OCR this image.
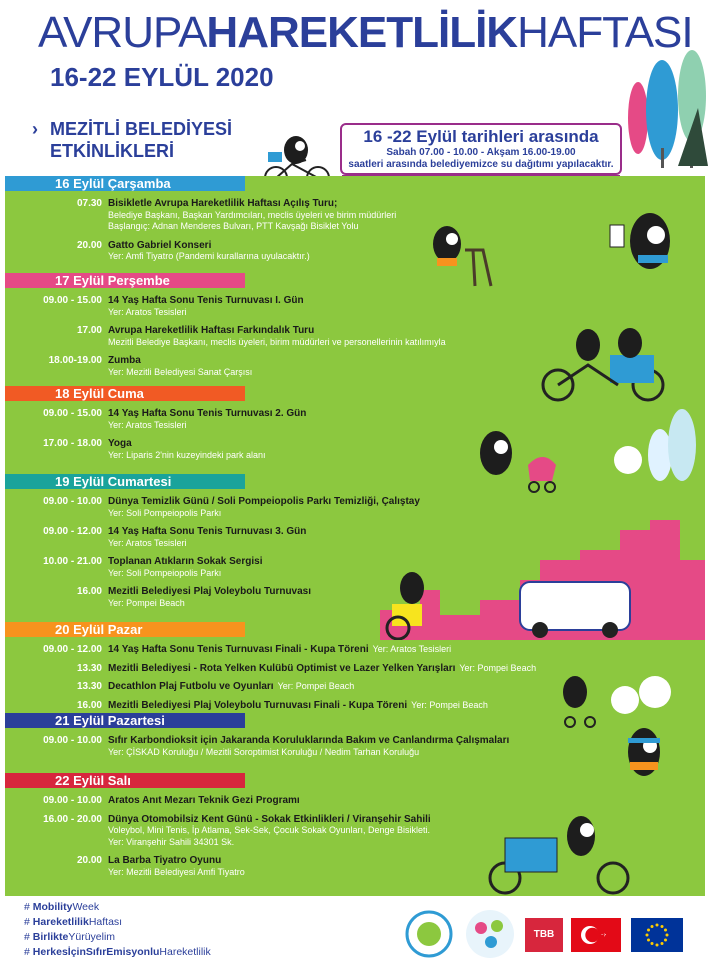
AVRUPAHAREKETLİLİKHAFTASI
16-22 EYLÜL 2020
› MEZİTLİ BELEDİYESİ
ETKİNLİKLERİ
16 -22 Eylül tarihleri arasında
Sabah 07.00 - 10.00 - Akşam 16.00-19.00
saatleri arasında belediyemizce su dağıtımı yapılacaktır.
16 Eylül Çarşamba
07.30 Bisikletle Avrupa Hareketlilik Haftası Açılış Turu;
Belediye Başkanı, Başkan Yardımcıları, meclis üyeleri ve birim müdürleri
Başlangıç: Adnan Menderes Bulvarı, PTT Kavşağı Bisiklet Yolu
20.00 Gatto Gabriel Konseri
Yer: Amfi Tiyatro (Pandemi kurallarına uyulacaktır.)
17 Eylül Perşembe
09.00 - 15.00 14 Yaş Hafta Sonu Tenis Turnuvası I. Gün
Yer: Aratos Tesisleri
17.00 Avrupa Hareketlilik Haftası Farkındalık Turu
Mezitli Belediye Başkanı, meclis üyeleri, birim müdürleri ve personellerinin katılımıyla
18.00-19.00 Zumba
Yer: Mezitli Belediyesi Sanat Çarşısı
18 Eylül Cuma
09.00 - 15.00 14 Yaş Hafta Sonu Tenis Turnuvası 2. Gün
Yer: Aratos Tesisleri
17.00 - 18.00 Yoga
Yer: Liparis 2'nin kuzeyindeki park alanı
19 Eylül Cumartesi
09.00 - 10.00 Dünya Temizlik Günü / Soli Pompeiopolis Parkı Temizliği, Çalıştay
Yer: Soli Pompeiopolis Parkı
09.00 - 12.00 14 Yaş Hafta Sonu Tenis Turnuvası 3. Gün
Yer: Aratos Tesisleri
10.00 - 21.00 Toplanan Atıkların Sokak Sergisi
Yer: Soli Pompeiopolis Parkı
16.00 Mezitli Belediyesi Plaj Voleybolu Turnuvası
Yer: Pompei Beach
20 Eylül Pazar
09.00 - 12.00 14 Yaş Hafta Sonu Tenis Turnuvası Finali - Kupa Töreni Yer: Aratos Tesisleri
13.30 Mezitli Belediyesi - Rota Yelken Kulübü Optimist ve Lazer Yelken Yarışları Yer: Pompei Beach
13.30 Decathlon Plaj Futbolu ve Oyunları Yer: Pompei Beach
16.00 Mezitli Belediyesi Plaj Voleybolu Turnuvası Finali - Kupa Töreni Yer: Pompei Beach
21 Eylül Pazartesi
09.00 - 10.00 Sıfır Karbondioksit için Jakaranda Koruluklarında Bakım ve Canlandırma Çalışmaları
Yer: ÇİSKAD Koruluğu / Mezitli Soroptimist Koruluğu / Nedim Tarhan Koruluğu
22 Eylül Salı
09.00 - 10.00 Aratos Anıt Mezarı Teknik Gezi Programı
16.00 - 20.00 Dünya Otomobilsiz Kent Günü - Sokak Etkinlikleri / Viranşehir Sahili
Voleybol, Mini Tenis, İp Atlama, Sek-Sek, Çocuk Sokak Oyunları, Denge Bisikleti.
Yer: Viranşehir Sahili 34301 Sk.
20.00 La Barba Tiyatro Oyunu
Yer: Mezitli Belediyesi Amfi Tiyatro
# MobilityWeek
# HareketlilikHaftası
# BirlikteYürüyelim
# HerkesİçinSıfırEmisyonluHareketlilik
TBB
